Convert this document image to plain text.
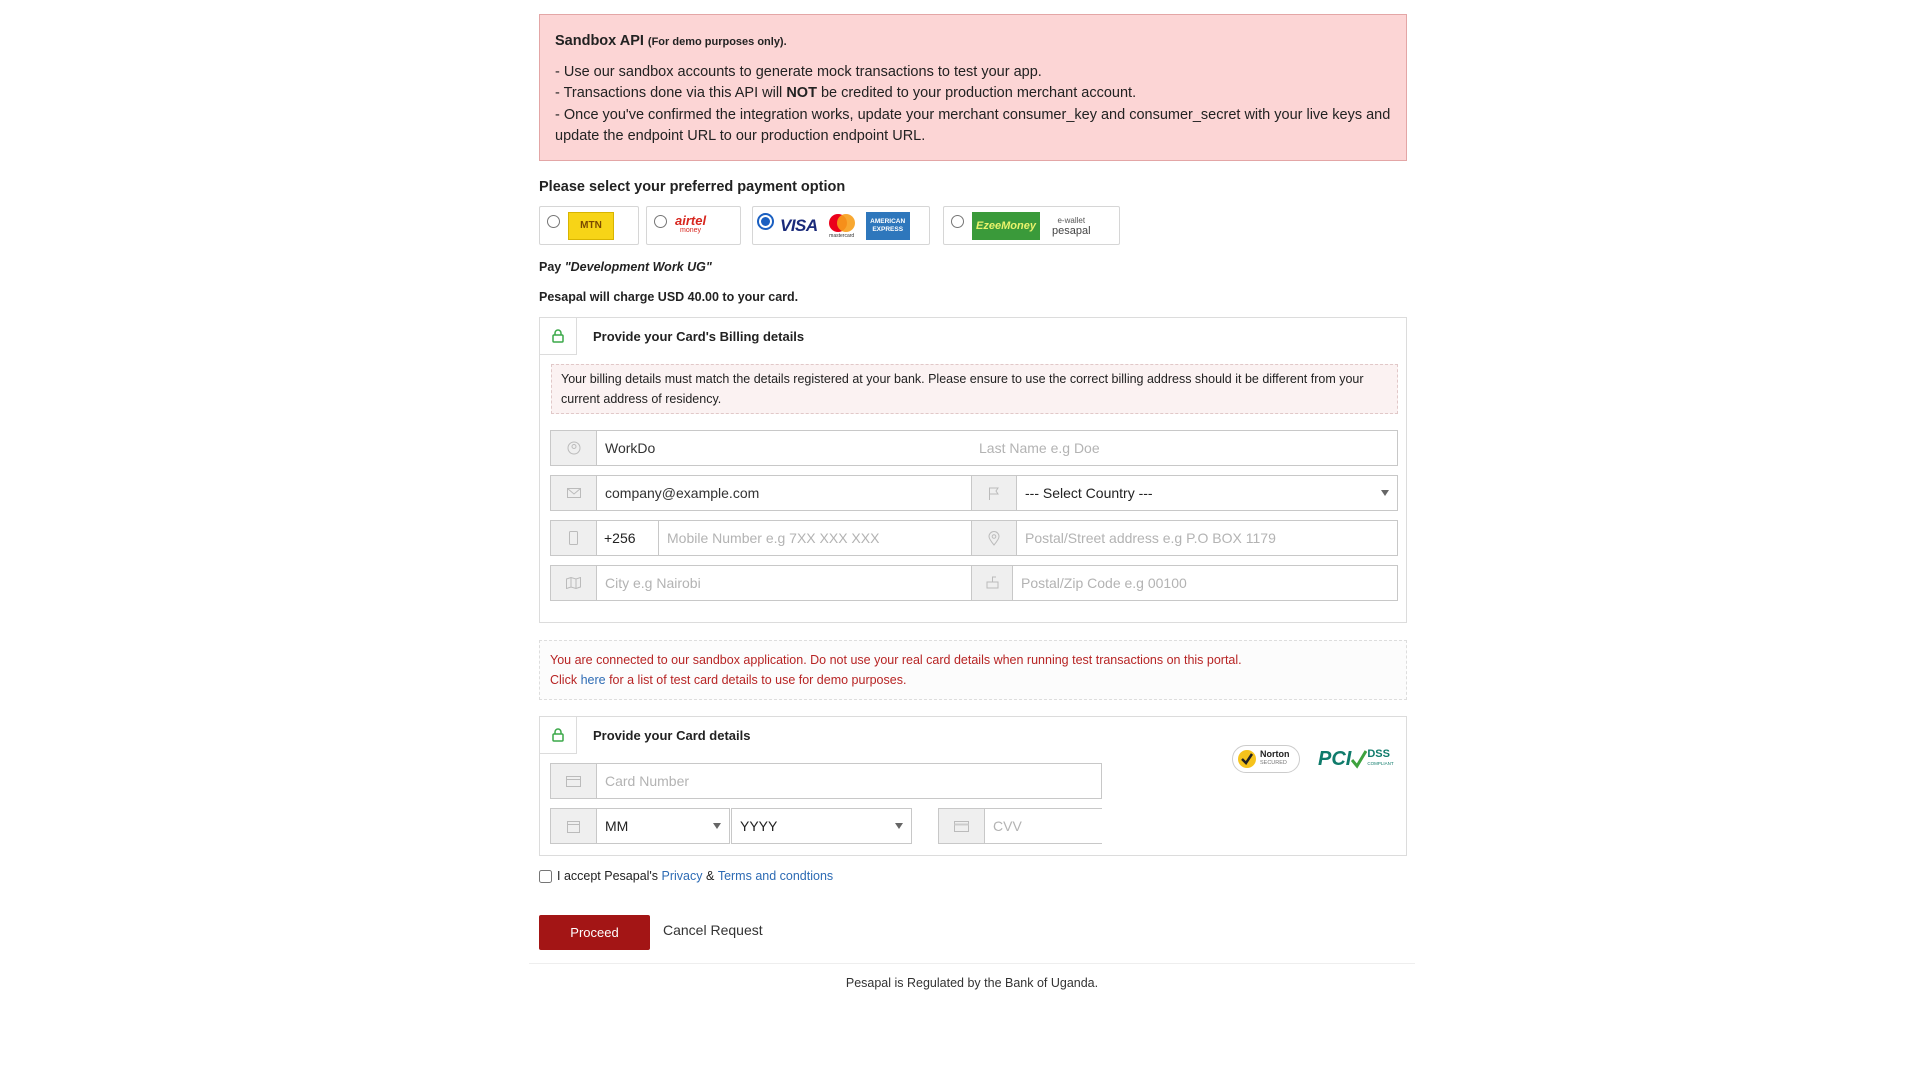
Sandbox API (For demo purposes only).

- Use our sandbox accounts to generate mock transactions to test your app.

- Transactions done via this API will NOT be credited to your production merchant account.

- Once you've confirmed the integration works, update your merchant consumer_key and consumer_secret with your live keys and update the endpoint URL to our production endpoint URL.

Please select your preferred payment option
MTN	airtel
money	VISA
mastercard
AMERICAN EXPRESS	EzeeMoney	e-wallet
pesapal
Pay "Development Work UG"
Pesapal will charge USD 40.00 to your card.
Provide your Card's Billing details
Your billing details must match the details registered at your bank. Please ensure to use the correct billing address should it be different from your current address of residency.
WorkDo
Last Name e.g Doe
company@example.com
--- Select Country ---
+256
Mobile Number e.g 7XX XXX XXX
Postal/Street address e.g P.O BOX 1179
City e.g Nairobi
Postal/Zip Code e.g 00100
You are connected to our sandbox application. Do not use your real card details when running test transactions on this portal.
Click here for a list of test card details to use for demo purposes.
Provide your Card details
Card Number
MM	YYYY
CVV
Norton
SECURED PCI DSS
COMPLIANT
I accept Pesapal's Privacy & Terms and condtions
Proceed	Cancel Request
Pesapal is Regulated by the Bank of Uganda.
